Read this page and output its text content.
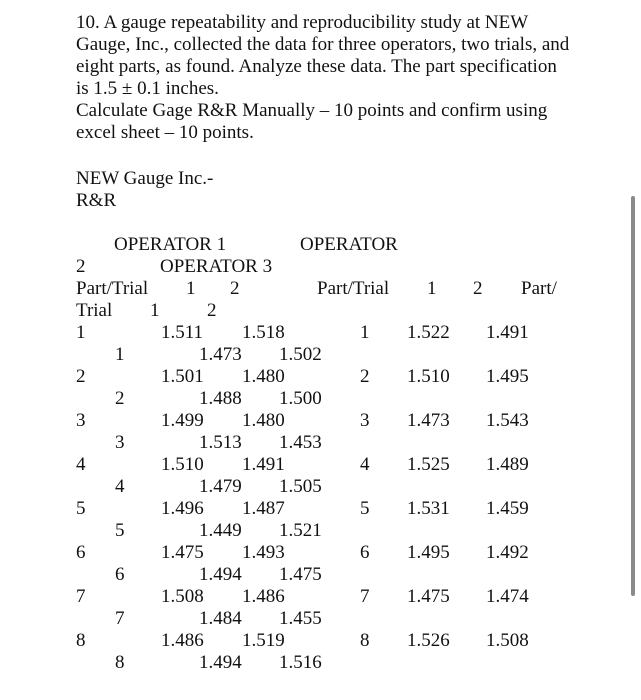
10. A gauge repeatability and reproducibility study at NEW
Gauge, Inc., collected the data for three operators, two trials, and
eight parts, as found. Analyze these data. The part specification
is 1.5 ± 0.1 inches.
Calculate Gage R&R Manually – 10 points and confirm using
excel sheet – 10 points.
NEW Gauge Inc.-
R&R
OPERATOR 1	OPERATOR
2	OPERATOR 3
Part/Trial 1 2	Part/Trial 1 2 Part/
Trial 1	2
1	1.511 1.518	1 1.522 1.491
1	1.473 1.502
2	1.501 1.480	2 1.510 1.495
2	1.488 1.500
3	1.499 1.480	3 1.473 1.543
3	1.513 1.453
4	1.510 1.491	4 1.525 1.489
4	1.479 1.505
5	1.496 1.487	5 1.531 1.459
5	1.449 1.521
6	1.475 1.493	6 1.495 1.492
6	1.494 1.475
7	1.508 1.486	7 1.475 1.474
7	1.484 1.455
8	1.486 1.519	8 1.526 1.508
8	1.494 1.516
